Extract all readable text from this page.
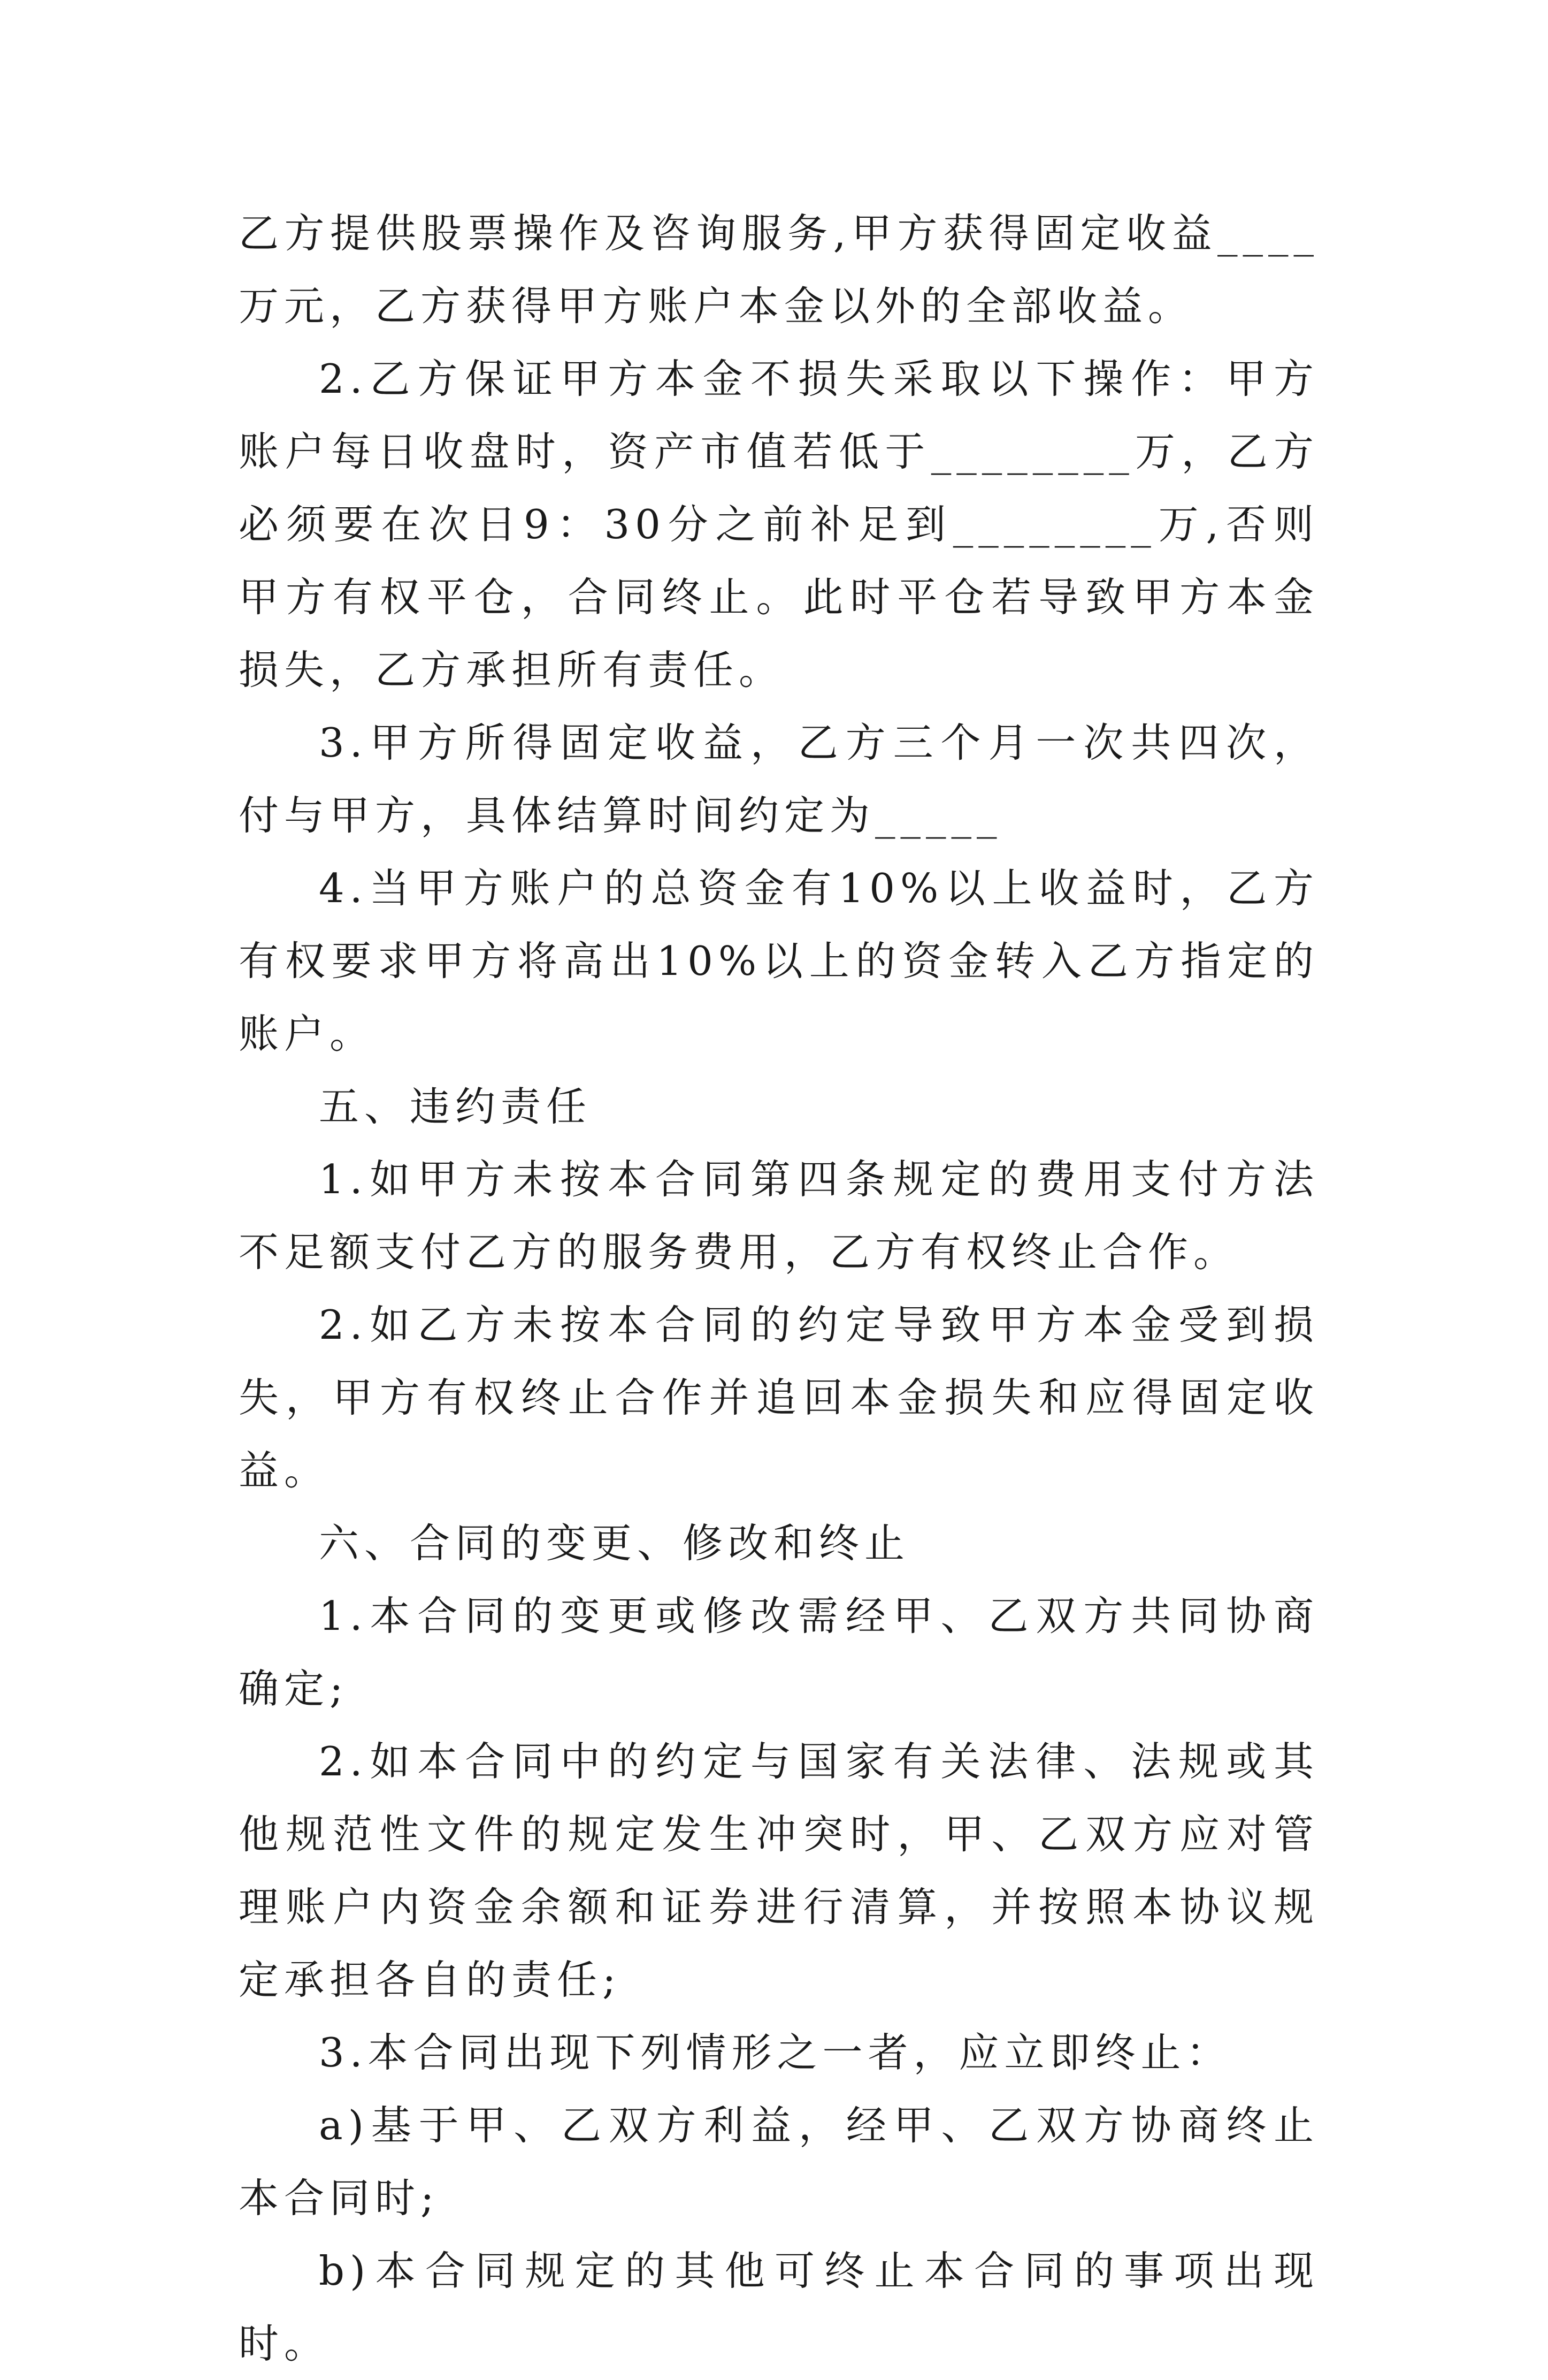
乙方提供股票操作及咨询服务,甲方获得固定收益____万元，乙方获得甲方账户本金以外的全部收益。

2.乙方保证甲方本金不损失采取以下操作：甲方账户每日收盘时，资产市值若低于________万，乙方必须要在次日9：30分之前补足到________万,否则甲方有权平仓，合同终止。此时平仓若导致甲方本金损失，乙方承担所有责任。

3.甲方所得固定收益，乙方三个月一次共四次，付与甲方，具体结算时间约定为_____

4.当甲方账户的总资金有10%以上收益时，乙方有权要求甲方将高出10%以上的资金转入乙方指定的账户。

五、违约责任

1.如甲方未按本合同第四条规定的费用支付方法不足额支付乙方的服务费用，乙方有权终止合作。

2.如乙方未按本合同的约定导致甲方本金受到损失，甲方有权终止合作并追回本金损失和应得固定收益。

六、合同的变更、修改和终止

1.本合同的变更或修改需经甲、乙双方共同协商确定;

2.如本合同中的约定与国家有关法律、法规或其他规范性文件的规定发生冲突时，甲、乙双方应对管理账户内资金余额和证券进行清算，并按照本协议规定承担各自的责任;

3.本合同出现下列情形之一者，应立即终止：

a)基于甲、乙双方利益，经甲、乙双方协商终止本合同时;

b)本合同规定的其他可终止本合同的事项出现时。
